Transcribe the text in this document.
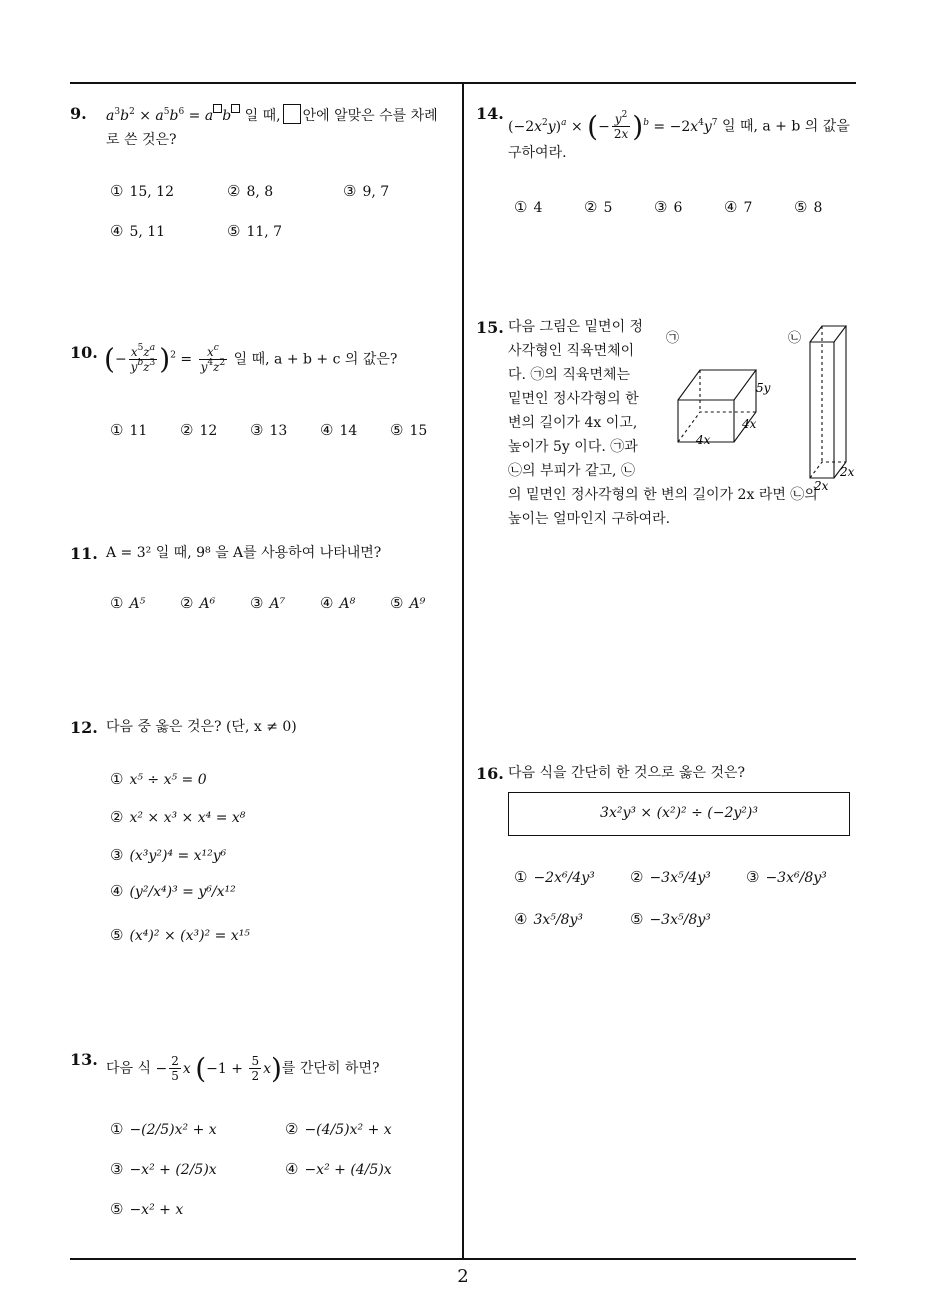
9. $a^3b^2 \times a^5b^6 = a$ b 일 때, 안에 알맞은 수를 차례
로 쓴 것은?
① 15, 12	② 8, 8	③ 9, 7
④ 5, 11	⑤ 11, 7
10. (− $\frac{x^5z^a}{y^bz^3} )^2 = \frac{x^c}{y^4z^2}$ 일 때, a + b + c 의 값은?
① 11 ② 12 ③ 13 ④ 14 ⑤ 15
11. A = 3² 일 때, 9⁸ 을 A를 사용하여 나타내면?
① A⁵ ② A⁶ ③ A⁷ ④ A⁸ ⑤ A⁹
12. 다음 중 옳은 것은? (단, x ≠ 0)
① x⁵ ÷ x⁵ = 0
② x² × x³ × x⁴ = x⁸
③ (x³y²)⁴ = x¹²y⁶
④ (y²/x⁴)³ = y⁶/x¹²
⑤ (x⁴)² × (x³)² = x¹⁵
13. 다음 식 − $\frac{2}{5}$ x $(-1 + \frac{5}{2} x)$를 간단히 하면?
① −(2/5)x² + x	② −(4/5)x² + x
③ −x² + (2/5)x	④ −x² + (4/5)x
⑤ −x² + x
14.
$(-2x^2y)^a$ × (− $\frac{y^2}{2x} )^b = -2x^4y^7$ 일 때, a + b 의 값을
구하여라.
① 4	② 5	③ 6	④ 7	⑤ 8
15. 다음 그림은 밑면이 정
사각형인 직육면체이
다. ㉠의 직육면체는
밑면인 정사각형의 한
변의 길이가 4x 이고,
높이가 5y 이다. ㉠과
㉡의 부피가 같고, ㉡
의 밑면인 정사각형의 한 변의 길이가 2x 라면 ㉡의
높이는 얼마인지 구하여라.
㉠	㉡
5y
4x
4x
2x
2x
16. 다음 식을 간단히 한 것으로 옳은 것은?
3x²y³ × (x²)² ÷ (−2y²)³
① −2x⁶/4y³ ② −3x⁵/4y³ ③ −3x⁶/8y³
④ 3x⁵/8y³	⑤ −3x⁵/8y³
2
